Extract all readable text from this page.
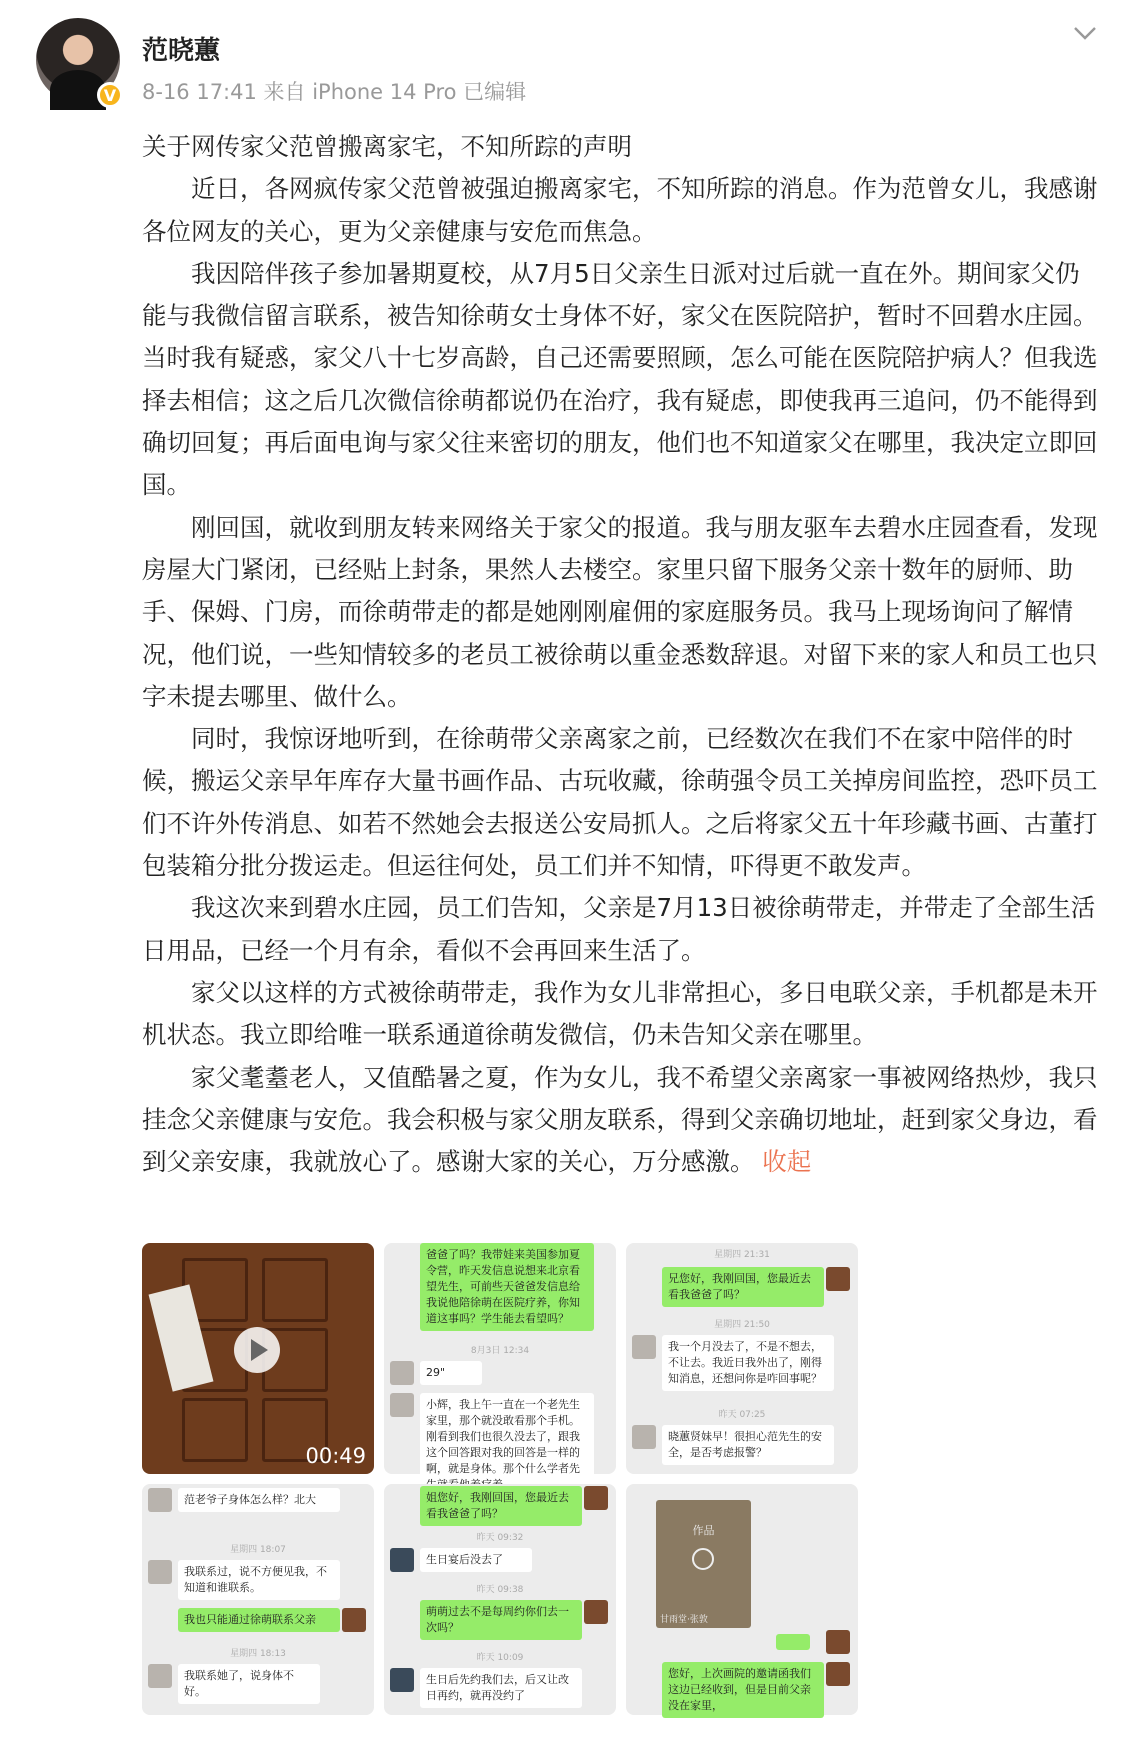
V
范晓蕙
8-16 17:41 来自 iPhone 14 Pro 已编辑

关于网传家父范曾搬离家宅，不知所踪的声明

近日，各网疯传家父范曾被强迫搬离家宅，不知所踪的消息。作为范曾女儿，我感谢各位网友的关心，更为父亲健康与安危而焦急。

我因陪伴孩子参加暑期夏校，从7月5日父亲生日派对过后就一直在外。期间家父仍能与我微信留言联系，被告知徐萌女士身体不好，家父在医院陪护，暂时不回碧水庄园。当时我有疑惑，家父八十七岁高龄，自己还需要照顾，怎么可能在医院陪护病人？但我选择去相信；这之后几次微信徐萌都说仍在治疗，我有疑虑，即使我再三追问，仍不能得到确切回复；再后面电询与家父往来密切的朋友，他们也不知道家父在哪里，我决定立即回国。

刚回国，就收到朋友转来网络关于家父的报道。我与朋友驱车去碧水庄园查看，发现房屋大门紧闭，已经贴上封条，果然人去楼空。家里只留下服务父亲十数年的厨师、助手、保姆、门房，而徐萌带走的都是她刚刚雇佣的家庭服务员。我马上现场询问了解情况，他们说，一些知情较多的老员工被徐萌以重金悉数辞退。对留下来的家人和员工也只字未提去哪里、做什么。

同时，我惊讶地听到，在徐萌带父亲离家之前，已经数次在我们不在家中陪伴的时候，搬运父亲早年库存大量书画作品、古玩收藏，徐萌强令员工关掉房间监控，恐吓员工们不许外传消息、如若不然她会去报送公安局抓人。之后将家父五十年珍藏书画、古董打包装箱分批分拨运走。但运往何处，员工们并不知情，吓得更不敢发声。

我这次来到碧水庄园，员工们告知，父亲是7月13日被徐萌带走，并带走了全部生活日用品，已经一个月有余，看似不会再回来生活了。

家父以这样的方式被徐萌带走，我作为女儿非常担心，多日电联父亲，手机都是未开机状态。我立即给唯一联系通道徐萌发微信，仍未告知父亲在哪里。

家父耄耋老人，又值酷暑之夏，作为女儿，我不希望父亲离家一事被网络热炒，我只挂念父亲健康与安危。我会积极与家父朋友联系，得到父亲确切地址，赶到家父身边，看到父亲安康，我就放心了。感谢大家的关心，万分感激。 收起

00:49
爸爸了吗？我带娃来美国参加夏令营，昨天发信息说想来北京看望先生，可前些天爸爸发信息给我说他陪徐萌在医院疗养，你知道这事吗？学生能去看望吗？
8月3日 12:34
29"
小辉，我上午一直在一个老先生家里，那个就没敢看那个手机。刚看到我们也很久没去了，跟我这个回答跟对我的回答是一样的啊，就是身体。那个什么学者先
星期四 21:31
兄您好，我刚回国，您最近去看我爸爸了吗？
星期四 21:50
我一个月没去了，不是不想去，不让去。我近日我外出了，刚得知消息，还想问你是咋回事呢？
昨天 07:25
晓蕙贤妹早！很担心范先生的安全，是否考虑报警？
范老爷子身体怎么样？北大
星期四 18:07
我联系过，说不方便见我，不知道和谁联系。
我也只能通过徐萌联系父亲
星期四 18:13
我联系她了，说身体不好。
姐您好，我刚回国，您最近去看我爸爸了吗？
昨天 09:32
生日宴后没去了
昨天 09:38
萌萌过去不是每周约你们去一次吗？
昨天 10:09
生日后先约我们去，后又让改日再约，就再没约了
作品
甘雨堂·张敦
您好，上次画院的邀请函我们这边已经收到，但是目前父亲没在家里，
